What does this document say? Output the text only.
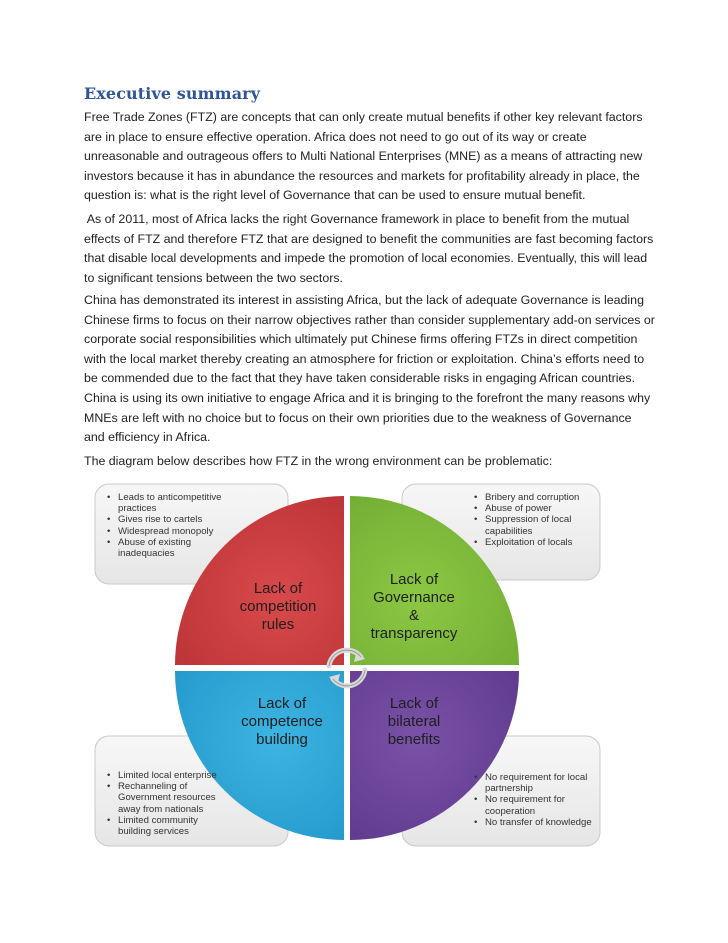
Executive summary

Free Trade Zones (FTZ) are concepts that can only create mutual benefits if other key relevant factors
are in place to ensure effective operation. Africa does not need to go out of its way or create
unreasonable and outrageous offers to Multi National Enterprises (MNE) as a means of attracting new
investors because it has in abundance the resources and markets for profitability already in place, the
question is: what is the right level of Governance that can be used to ensure mutual benefit.

As of 2011, most of Africa lacks the right Governance framework in place to benefit from the mutual
effects of FTZ and therefore FTZ that are designed to benefit the communities are fast becoming factors
that disable local developments and impede the promotion of local economies. Eventually, this will lead
to significant tensions between the two sectors.

China has demonstrated its interest in assisting Africa, but the lack of adequate Governance is leading
Chinese firms to focus on their narrow objectives rather than consider supplementary add-on services or
corporate social responsibilities which ultimately put Chinese firms offering FTZs in direct competition
with the local market thereby creating an atmosphere for friction or exploitation. China’s efforts need to
be commended due to the fact that they have taken considerable risks in engaging African countries.
China is using its own initiative to engage Africa and it is bringing to the forefront the many reasons why
MNEs are left with no choice but to focus on their own priorities due to the weakness of Governance
and efficiency in Africa.

The diagram below describes how FTZ in the wrong environment can be problematic:

Lack of
competition
rules
Lack of
Governance
&
transparency
Lack of
competence
building
Lack of
bilateral
benefits
• Leads to anticompetitive
practices
• Gives rise to cartels
• Widespread monopoly
• Abuse of existing
inadequacies
• Bribery and corruption
• Abuse of power
• Suppression of local
capabilities
• Exploitation of locals
• Limited local enterprise
• Rechanneling of
Government resources
away from nationals
• Limited community
building services
• No requirement for local
partnership
• No requirement for
cooperation
• No transfer of knowledge
